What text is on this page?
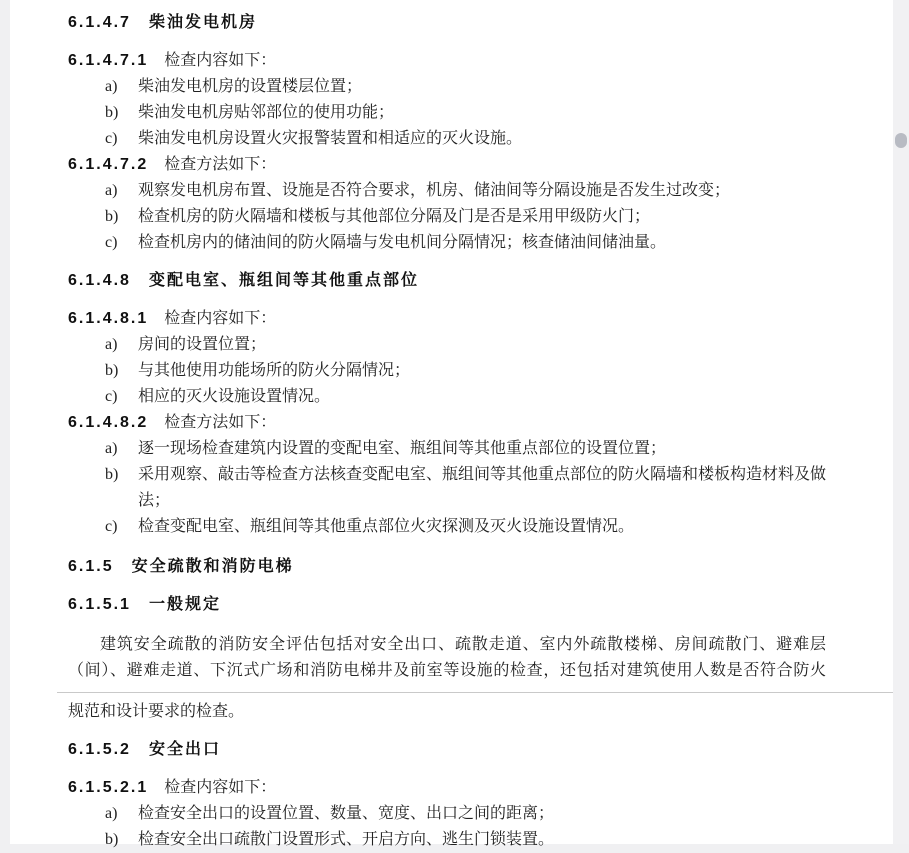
6.1.4.7 柴油发电机房
6.1.4.7.1 检查内容如下：
a)	柴油发电机房的设置楼层位置；
b)	柴油发电机房贴邻部位的使用功能；
c)	柴油发电机房设置火灾报警装置和相适应的灭火设施。
6.1.4.7.2 检查方法如下：
a)	观察发电机房布置、设施是否符合要求，机房、储油间等分隔设施是否发生过改变；
b)	检查机房的防火隔墙和楼板与其他部位分隔及门是否是采用甲级防火门；
c)	检查机房内的储油间的防火隔墙与发电机间分隔情况；核查储油间储油量。
6.1.4.8 变配电室、瓶组间等其他重点部位
6.1.4.8.1 检查内容如下：
a)	房间的设置位置；
b)	与其他使用功能场所的防火分隔情况；
c)	相应的灭火设施设置情况。
6.1.4.8.2 检查方法如下：
a)	逐一现场检查建筑内设置的变配电室、瓶组间等其他重点部位的设置位置；
b)	采用观察、敲击等检查方法核查变配电室、瓶组间等其他重点部位的防火隔墙和楼板构造材料及做法；
c)	检查变配电室、瓶组间等其他重点部位火灾探测及灭火设施设置情况。
6.1.5 安全疏散和消防电梯
6.1.5.1 一般规定

建筑安全疏散的消防安全评估包括对安全出口、疏散走道、室内外疏散楼梯、房间疏散门、避难层（间）、避难走道、下沉式广场和消防电梯井及前室等设施的检查，还包括对建筑使用人数是否符合防火

规范和设计要求的检查。

6.1.5.2 安全出口
6.1.5.2.1 检查内容如下：
a)	检查安全出口的设置位置、数量、宽度、出口之间的距离；
b)	检查安全出口疏散门设置形式、开启方向、逃生门锁装置。
